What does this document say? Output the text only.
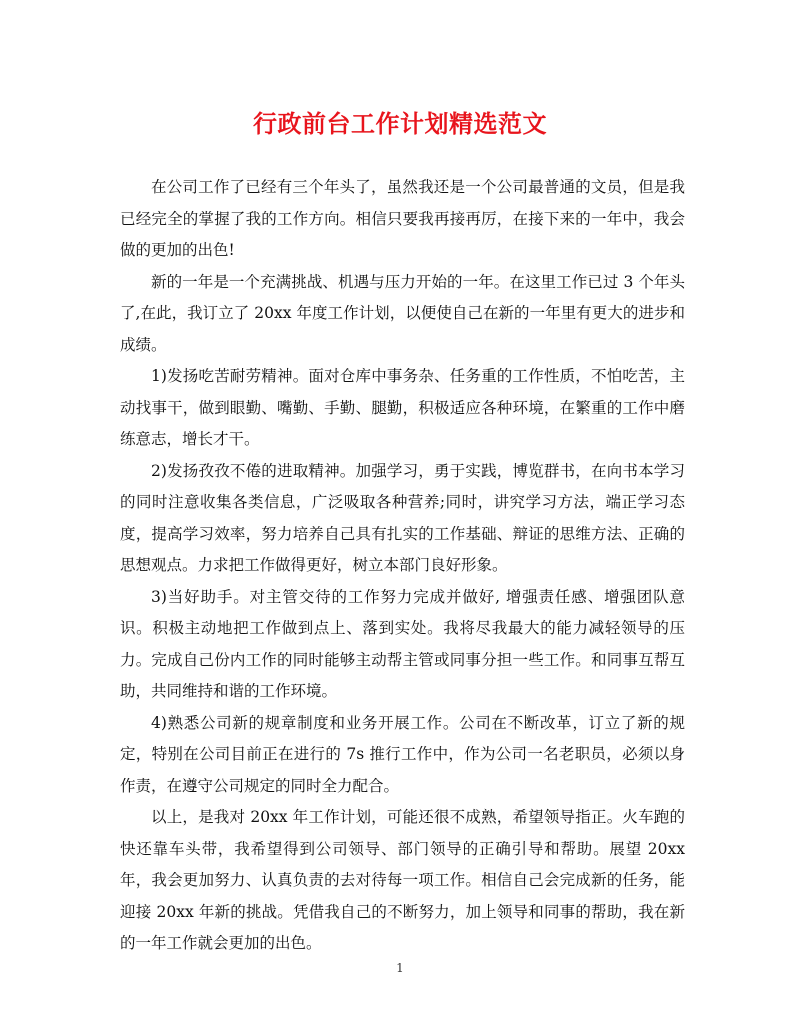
行政前台工作计划精选范文

在公司工作了已经有三个年头了，虽然我还是一个公司最普通的文员，但是我已经完全的掌握了我的工作方向。相信只要我再接再厉，在接下来的一年中，我会做的更加的出色!

新的一年是一个充满挑战、机遇与压力开始的一年。在这里工作已过 3 个年头了,在此，我订立了 20xx 年度工作计划，以便使自己在新的一年里有更大的进步和成绩。

1)发扬吃苦耐劳精神。面对仓库中事务杂、任务重的工作性质，不怕吃苦，主动找事干，做到眼勤、嘴勤、手勤、腿勤，积极适应各种环境，在繁重的工作中磨练意志，增长才干。

2)发扬孜孜不倦的进取精神。加强学习，勇于实践，博览群书，在向书本学习的同时注意收集各类信息，广泛吸取各种营养;同时，讲究学习方法，端正学习态度，提高学习效率，努力培养自己具有扎实的工作基础、辩证的思维方法、正确的思想观点。力求把工作做得更好，树立本部门良好形象。

3)当好助手。对主管交待的工作努力完成并做好, 增强责任感、增强团队意识。积极主动地把工作做到点上、落到实处。我将尽我最大的能力减轻领导的压力。完成自己份内工作的同时能够主动帮主管或同事分担一些工作。和同事互帮互助，共同维持和谐的工作环境。

4)熟悉公司新的规章制度和业务开展工作。公司在不断改革，订立了新的规定，特别在公司目前正在进行的 7s 推行工作中，作为公司一名老职员，必须以身作责，在遵守公司规定的同时全力配合。

以上，是我对 20xx 年工作计划，可能还很不成熟，希望领导指正。火车跑的快还靠车头带，我希望得到公司领导、部门领导的正确引导和帮助。展望 20xx 年，我会更加努力、认真负责的去对待每一项工作。相信自己会完成新的任务，能迎接 20xx 年新的挑战。凭借我自己的不断努力，加上领导和同事的帮助，我在新的一年工作就会更加的出色。

1
